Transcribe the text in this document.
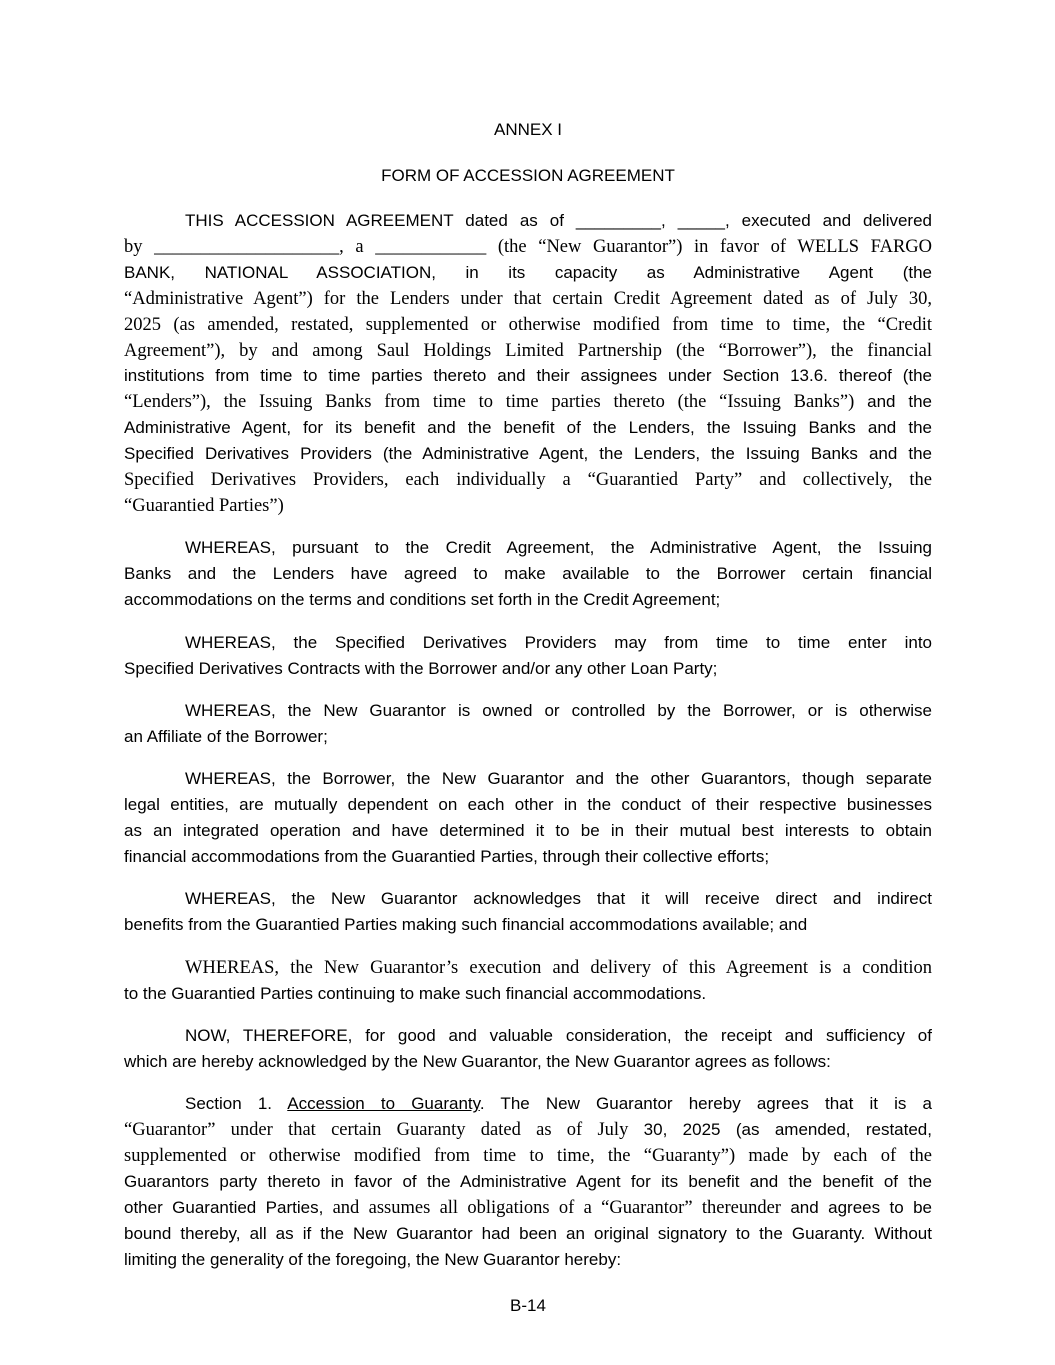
ANNEX I
FORM OF ACCESSION AGREEMENT
THIS ACCESSION AGREEMENT dated as of _________, _____, executed and delivered
by ____________________, a ____________ (the “New Guarantor”) in favor of WELLS FARGO
BANK, NATIONAL ASSOCIATION, in its capacity as Administrative Agent (the
“Administrative Agent”) for the Lenders under that certain Credit Agreement dated as of July 30,
2025 (as amended, restated, supplemented or otherwise modified from time to time, the “Credit
Agreement”), by and among Saul Holdings Limited Partnership (the “Borrower”), the financial
institutions from time to time parties thereto and their assignees under Section 13.6. thereof (the
“Lenders”), the Issuing Banks from time to time parties thereto (the “Issuing Banks”) and the
Administrative Agent, for its benefit and the benefit of the Lenders, the Issuing Banks and the
Specified Derivatives Providers (the Administrative Agent, the Lenders, the Issuing Banks and the
Specified Derivatives Providers, each individually a “Guarantied Party” and collectively, the
“Guarantied Parties”)
WHEREAS, pursuant to the Credit Agreement, the Administrative Agent, the Issuing
Banks and the Lenders have agreed to make available to the Borrower certain financial
accommodations on the terms and conditions set forth in the Credit Agreement;
WHEREAS, the Specified Derivatives Providers may from time to time enter into
Specified Derivatives Contracts with the Borrower and/or any other Loan Party;
WHEREAS, the New Guarantor is owned or controlled by the Borrower, or is otherwise
an Affiliate of the Borrower;
WHEREAS, the Borrower, the New Guarantor and the other Guarantors, though separate
legal entities, are mutually dependent on each other in the conduct of their respective businesses
as an integrated operation and have determined it to be in their mutual best interests to obtain
financial accommodations from the Guarantied Parties, through their collective efforts;
WHEREAS, the New Guarantor acknowledges that it will receive direct and indirect
benefits from the Guarantied Parties making such financial accommodations available; and
WHEREAS, the New Guarantor’s execution and delivery of this Agreement is a condition
to the Guarantied Parties continuing to make such financial accommodations.
NOW, THEREFORE, for good and valuable consideration, the receipt and sufficiency of
which are hereby acknowledged by the New Guarantor, the New Guarantor agrees as follows:
Section 1. Accession to Guaranty. The New Guarantor hereby agrees that it is a
“Guarantor” under that certain Guaranty dated as of July 30, 2025 (as amended, restated,
supplemented or otherwise modified from time to time, the “Guaranty”) made by each of the
Guarantors party thereto in favor of the Administrative Agent for its benefit and the benefit of the
other Guarantied Parties, and assumes all obligations of a “Guarantor” thereunder and agrees to be
bound thereby, all as if the New Guarantor had been an original signatory to the Guaranty. Without
limiting the generality of the foregoing, the New Guarantor hereby:
B-14
